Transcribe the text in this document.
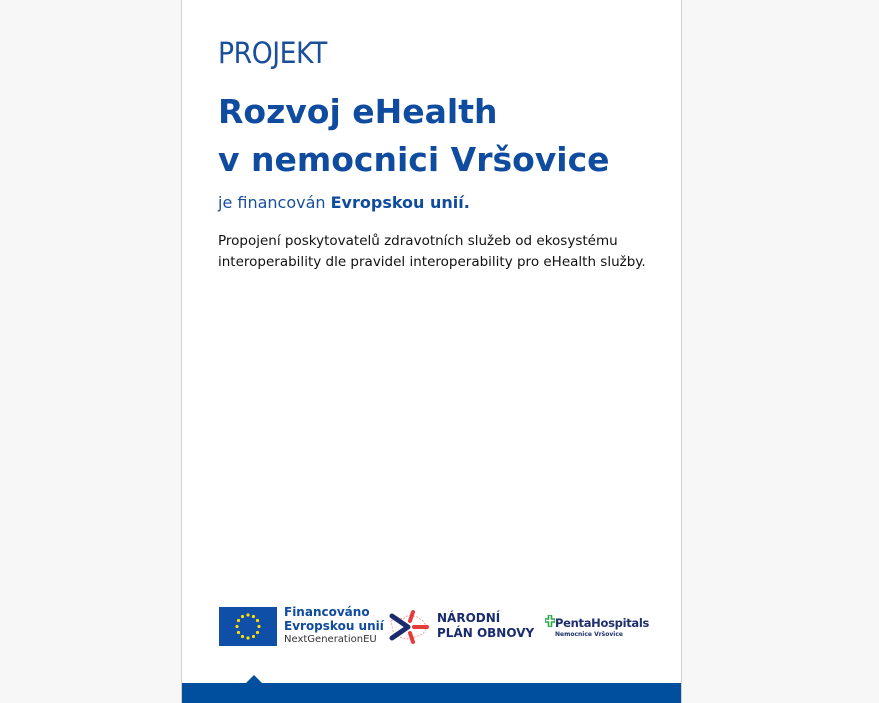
PROJEKT
Rozvoj eHealth
v nemocnici Vršovice
je financován Evropskou unií.
Propojení poskytovatelů zdravotních služeb od ekosystému interoperability dle pravidel interoperability pro eHealth služby.
Financováno
Evropskou unií
NextGenerationEU
NÁRODNÍ
PLÁN OBNOVY
PentaHospitals
Nemocnice Vršovice
